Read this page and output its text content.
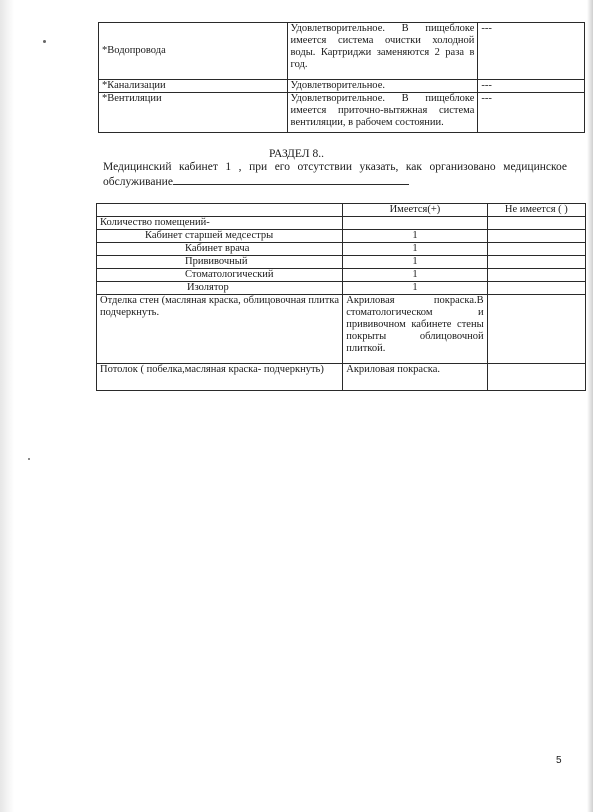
*Водопровода	Удовлетворительное. В пищеблоке имеется система очистки холодной воды. Картриджи заменяются 2 раза в год.	---
*Канализации	Удовлетворительное.	---
*Вентиляции	Удовлетворительное. В пищеблоке имеется приточно-вытяжная система вентиляции, в рабочем состоянии.	---
РАЗДЕЛ 8..
Медицинский кабинет 1 , при его отсутствии указать, как организовано медицинское обслуживание
	Имеется(+)	Не имеется ( )
Количество помещений-		
Кабинет старшей медсестры	1	
Кабинет врача	1	
Прививочный	1	
Стоматологический	1	
Изолятор	1	
Отделка стен (масляная краска, облицовочная плитка подчеркнуть.	Акриловая покраска.В стоматологическом и прививочном кабинете стены покрыты облицовочной плиткой.	
Потолок ( побелка,масляная краска- подчеркнуть)	Акриловая покраска.	
5
